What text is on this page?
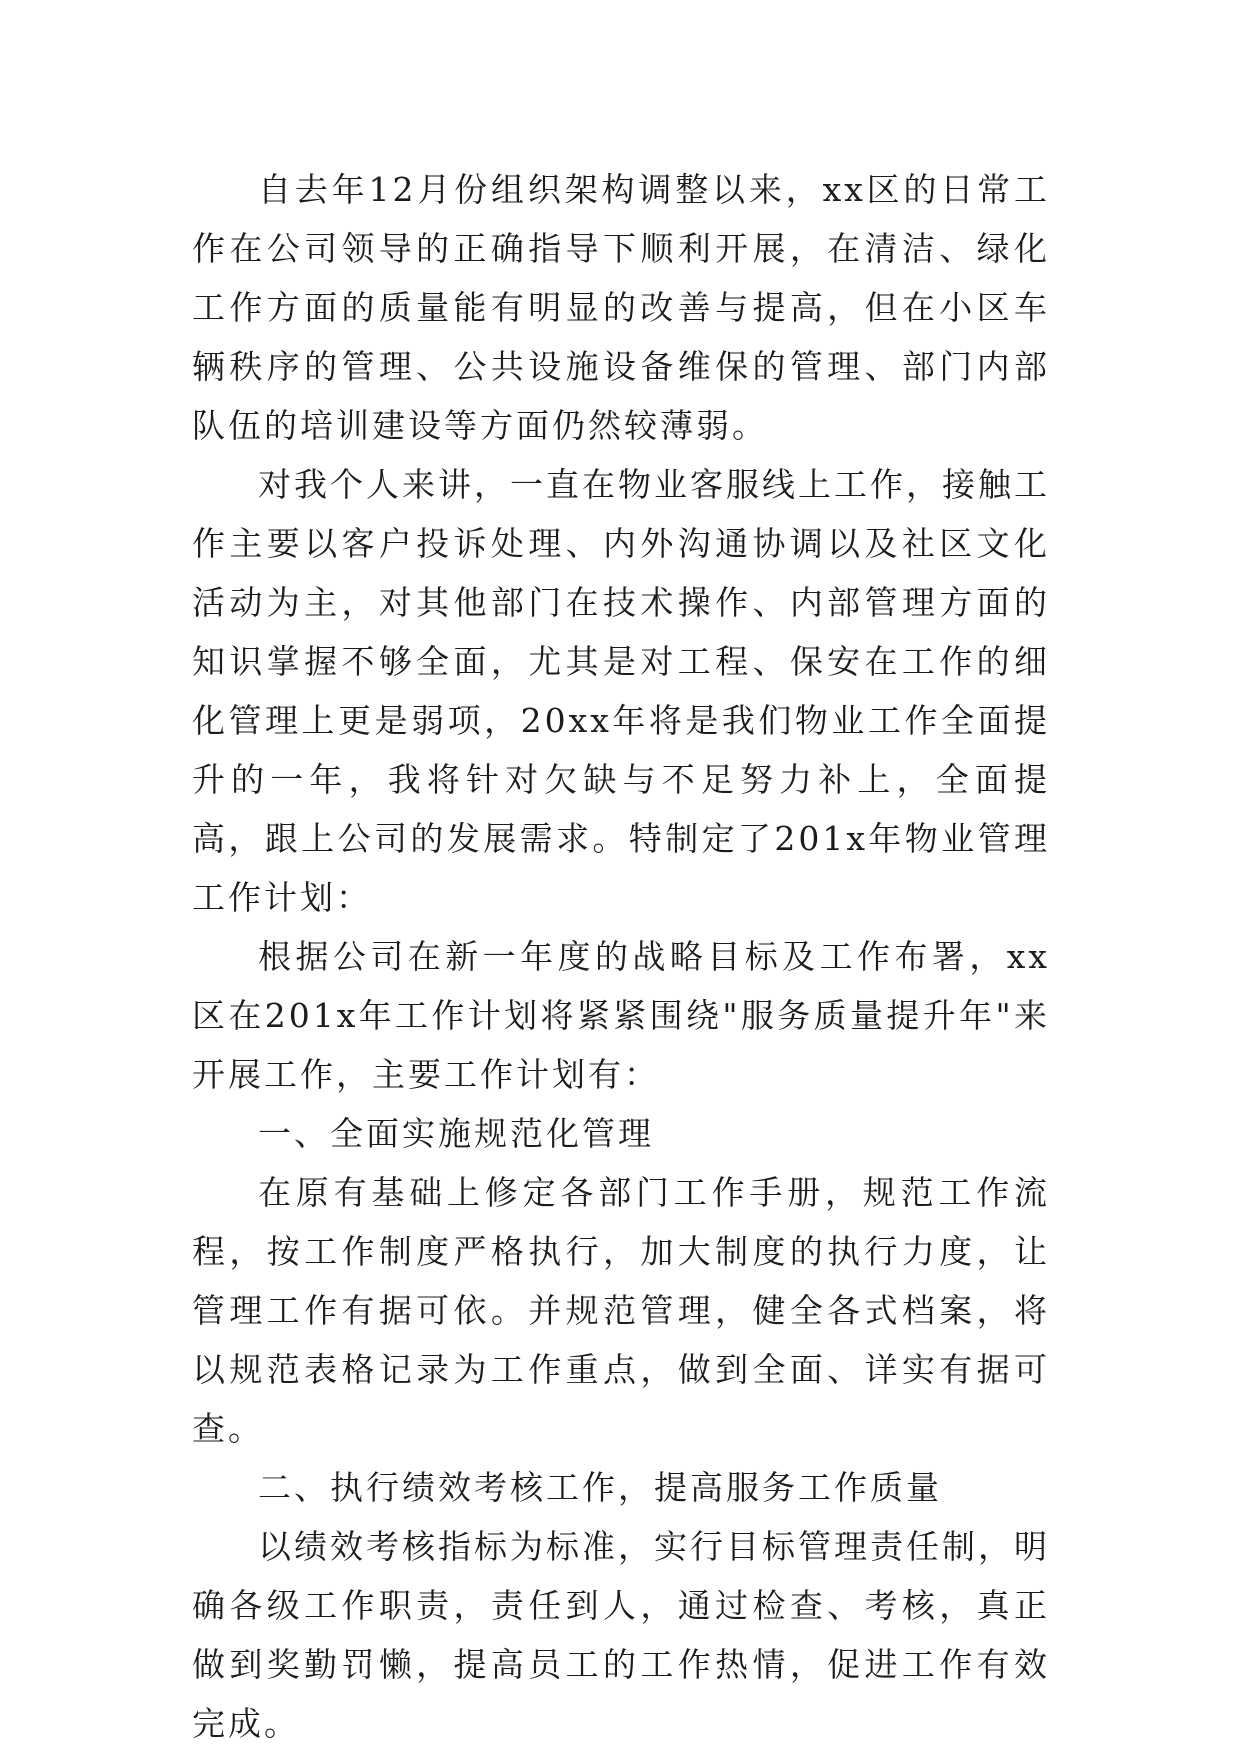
自去年12月份组织架构调整以来，xx区的日常工作在公司领导的正确指导下顺利开展，在清洁、绿化工作方面的质量能有明显的改善与提高，但在小区车辆秩序的管理、公共设施设备维保的管理、部门内部队伍的培训建设等方面仍然较薄弱。

对我个人来讲，一直在物业客服线上工作，接触工作主要以客户投诉处理、内外沟通协调以及社区文化活动为主，对其他部门在技术操作、内部管理方面的知识掌握不够全面，尤其是对工程、保安在工作的细化管理上更是弱项，20xx年将是我们物业工作全面提升的一年，我将针对欠缺与不足努力补上，全面提高，跟上公司的发展需求。特制定了201x年物业管理工作计划：

根据公司在新一年度的战略目标及工作布署，xx区在201x年工作计划将紧紧围绕"服务质量提升年"来开展工作，主要工作计划有：

一、全面实施规范化管理

在原有基础上修定各部门工作手册，规范工作流程，按工作制度严格执行，加大制度的执行力度，让管理工作有据可依。并规范管理，健全各式档案，将以规范表格记录为工作重点，做到全面、详实有据可查。

二、执行绩效考核工作，提高服务工作质量

以绩效考核指标为标准，实行目标管理责任制，明确各级工作职责，责任到人，通过检查、考核，真正做到奖勤罚懒，提高员工的工作热情，促进工作有效完成。
